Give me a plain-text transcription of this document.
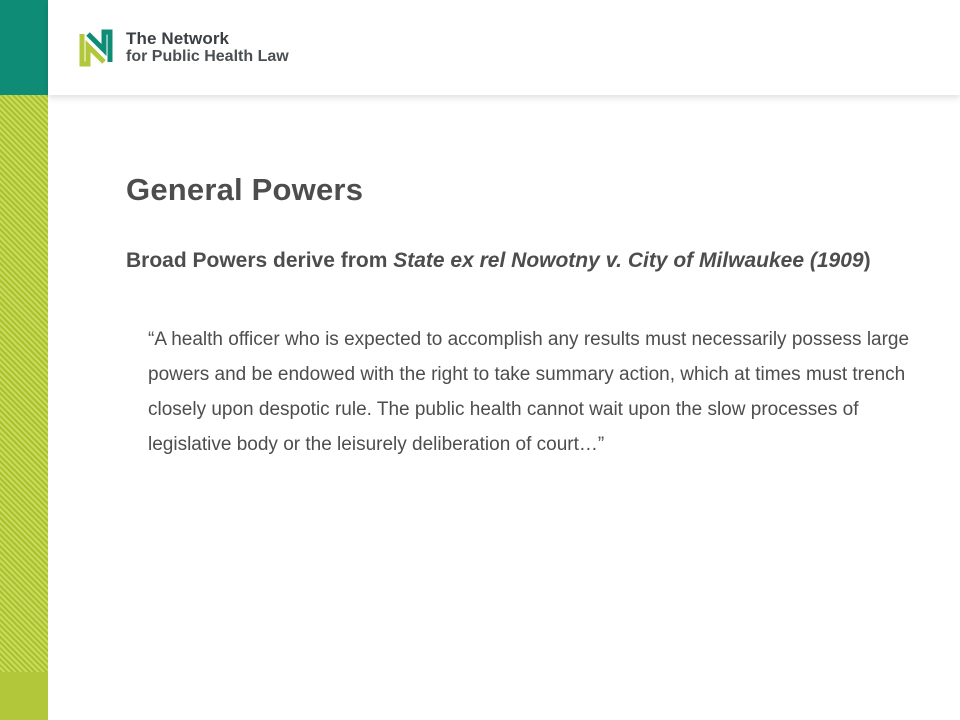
The Network
for Public Health Law
General Powers

Broad Powers derive from State ex rel Nowotny v. City of Milwaukee (1909)

“A health officer who is expected to accomplish any results must necessarily possess large powers and be endowed with the right to take summary action, which at times must trench closely upon despotic rule. The public health cannot wait upon the slow processes of legislative body or the leisurely deliberation of court…”
